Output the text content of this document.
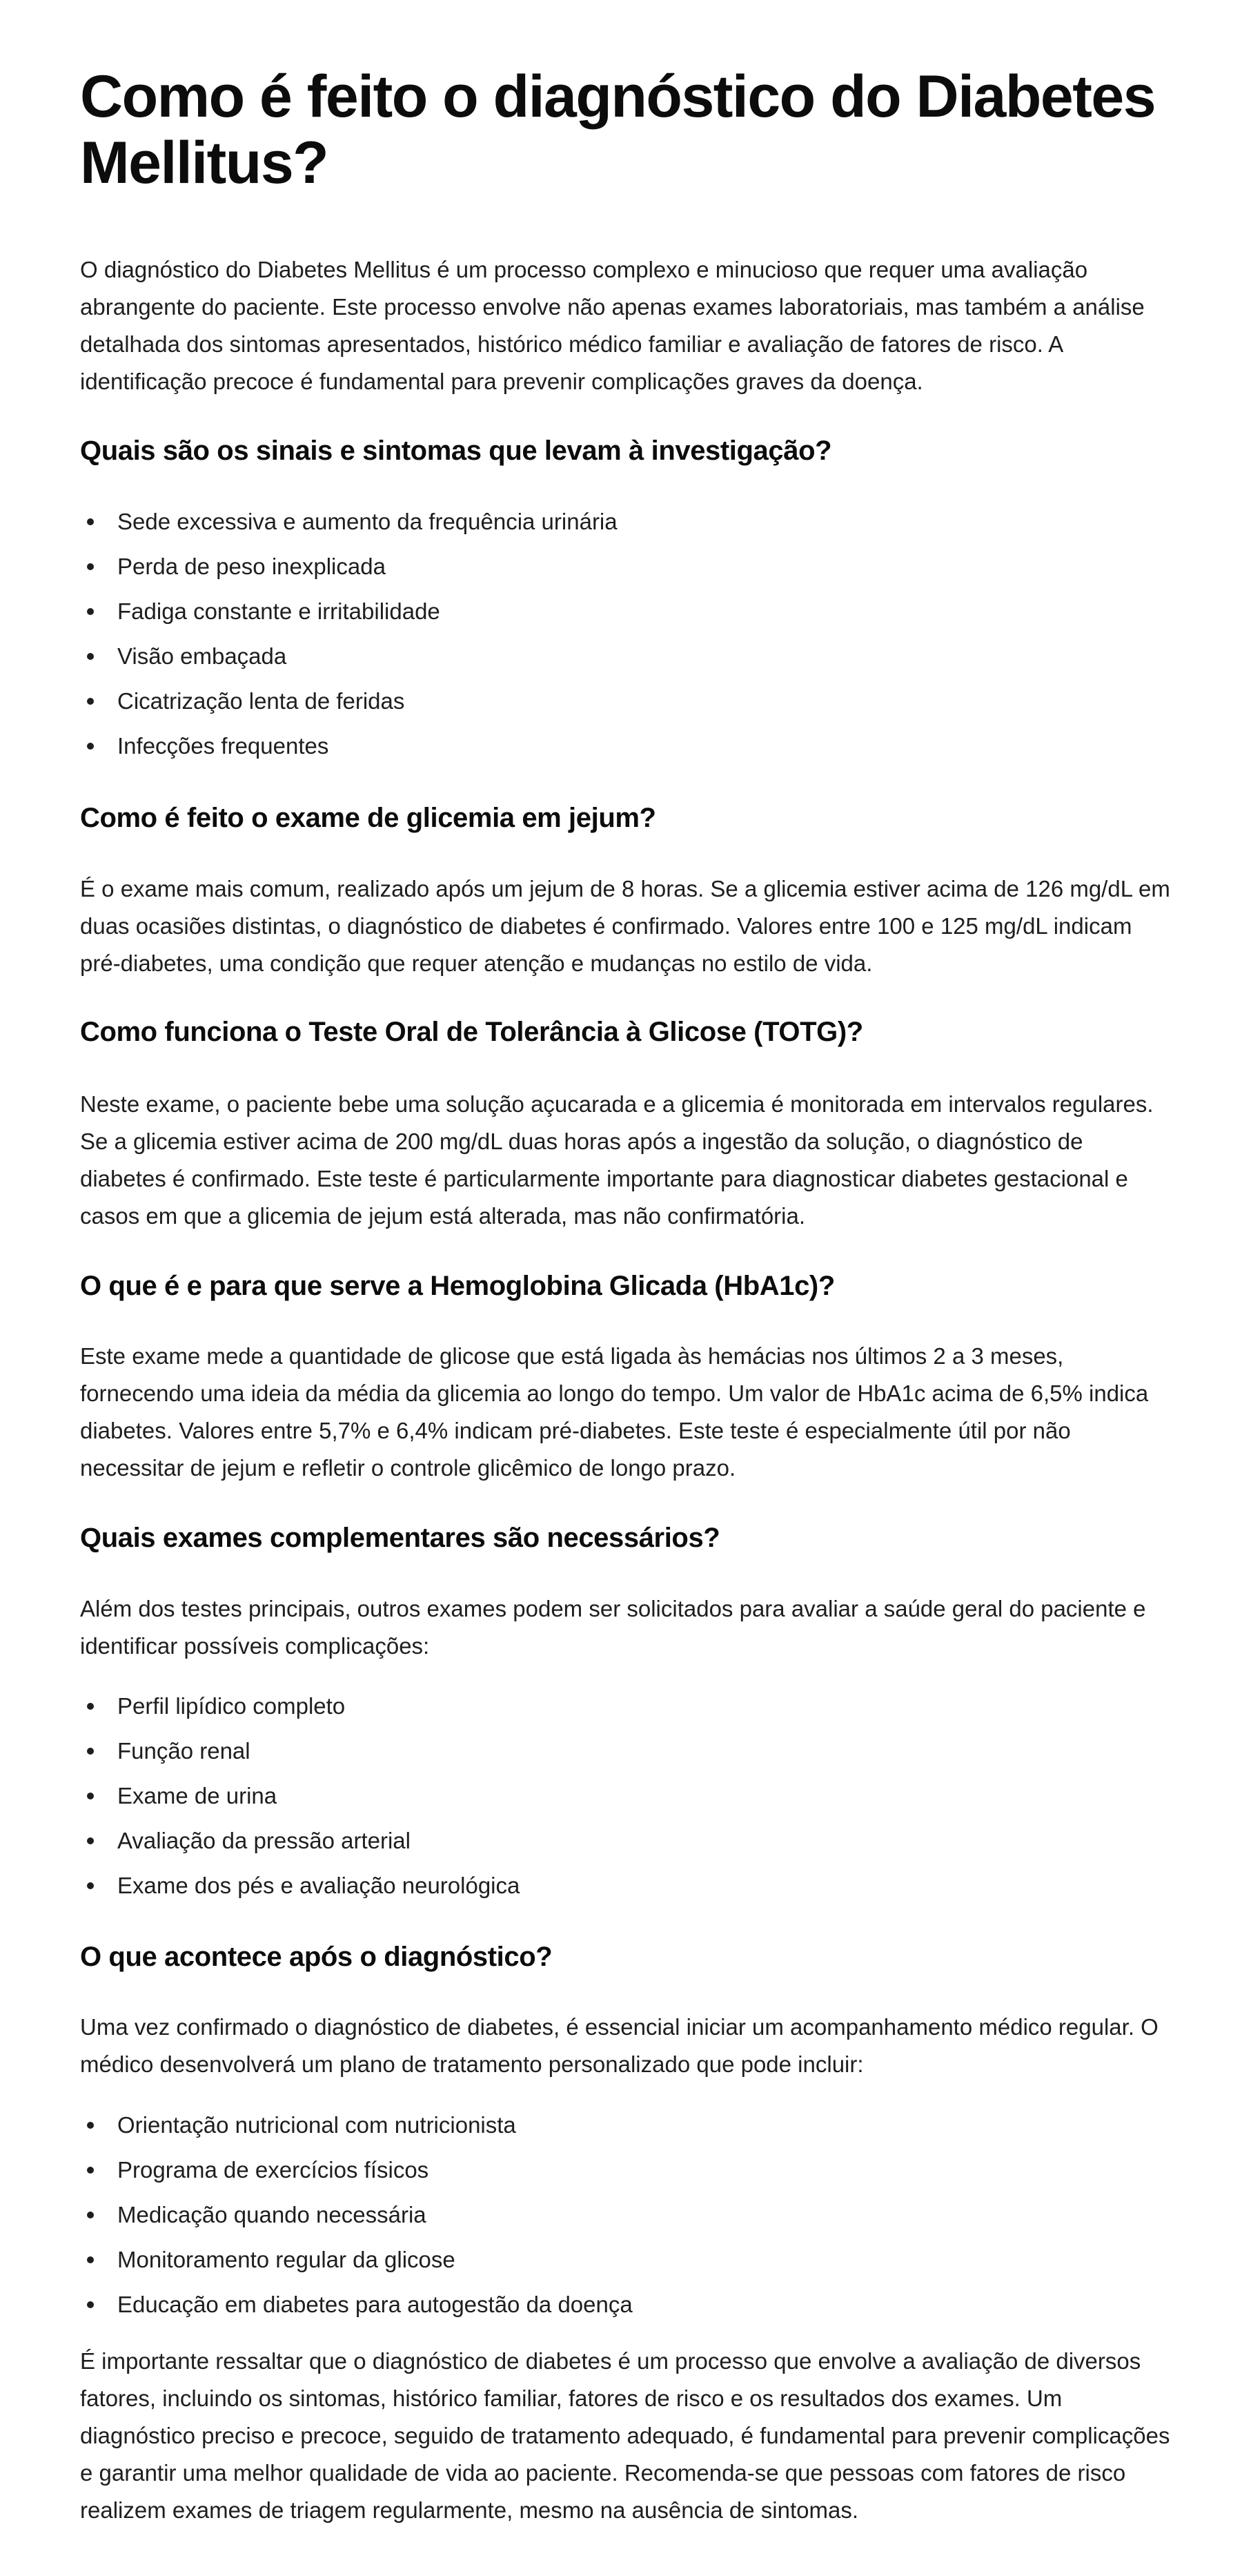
Como é feito o diagnóstico do Diabetes Mellitus?

O diagnóstico do Diabetes Mellitus é um processo complexo e minucioso que requer uma avaliação abrangente do paciente. Este processo envolve não apenas exames laboratoriais, mas também a análise detalhada dos sintomas apresentados, histórico médico familiar e avaliação de fatores de risco. A identificação precoce é fundamental para prevenir complicações graves da doença.

Quais são os sinais e sintomas que levam à investigação?
Sede excessiva e aumento da frequência urinária
Perda de peso inexplicada
Fadiga constante e irritabilidade
Visão embaçada
Cicatrização lenta de feridas
Infecções frequentes
Como é feito o exame de glicemia em jejum?

É o exame mais comum, realizado após um jejum de 8 horas. Se a glicemia estiver acima de 126 mg/dL em duas ocasiões distintas, o diagnóstico de diabetes é confirmado. Valores entre 100 e 125 mg/dL indicam pré-diabetes, uma condição que requer atenção e mudanças no estilo de vida.

Como funciona o Teste Oral de Tolerância à Glicose (TOTG)?

Neste exame, o paciente bebe uma solução açucarada e a glicemia é monitorada em intervalos regulares. Se a glicemia estiver acima de 200 mg/dL duas horas após a ingestão da solução, o diagnóstico de diabetes é confirmado. Este teste é particularmente importante para diagnosticar diabetes gestacional e casos em que a glicemia de jejum está alterada, mas não confirmatória.

O que é e para que serve a Hemoglobina Glicada (HbA1c)?

Este exame mede a quantidade de glicose que está ligada às hemácias nos últimos 2 a 3 meses, fornecendo uma ideia da média da glicemia ao longo do tempo. Um valor de HbA1c acima de 6,5% indica diabetes. Valores entre 5,7% e 6,4% indicam pré-diabetes. Este teste é especialmente útil por não necessitar de jejum e refletir o controle glicêmico de longo prazo.

Quais exames complementares são necessários?

Além dos testes principais, outros exames podem ser solicitados para avaliar a saúde geral do paciente e identificar possíveis complicações:

Perfil lipídico completo
Função renal
Exame de urina
Avaliação da pressão arterial
Exame dos pés e avaliação neurológica
O que acontece após o diagnóstico?

Uma vez confirmado o diagnóstico de diabetes, é essencial iniciar um acompanhamento médico regular. O médico desenvolverá um plano de tratamento personalizado que pode incluir:

Orientação nutricional com nutricionista
Programa de exercícios físicos
Medicação quando necessária
Monitoramento regular da glicose
Educação em diabetes para autogestão da doença

É importante ressaltar que o diagnóstico de diabetes é um processo que envolve a avaliação de diversos fatores, incluindo os sintomas, histórico familiar, fatores de risco e os resultados dos exames. Um diagnóstico preciso e precoce, seguido de tratamento adequado, é fundamental para prevenir complicações e garantir uma melhor qualidade de vida ao paciente. Recomenda-se que pessoas com fatores de risco realizem exames de triagem regularmente, mesmo na ausência de sintomas.
